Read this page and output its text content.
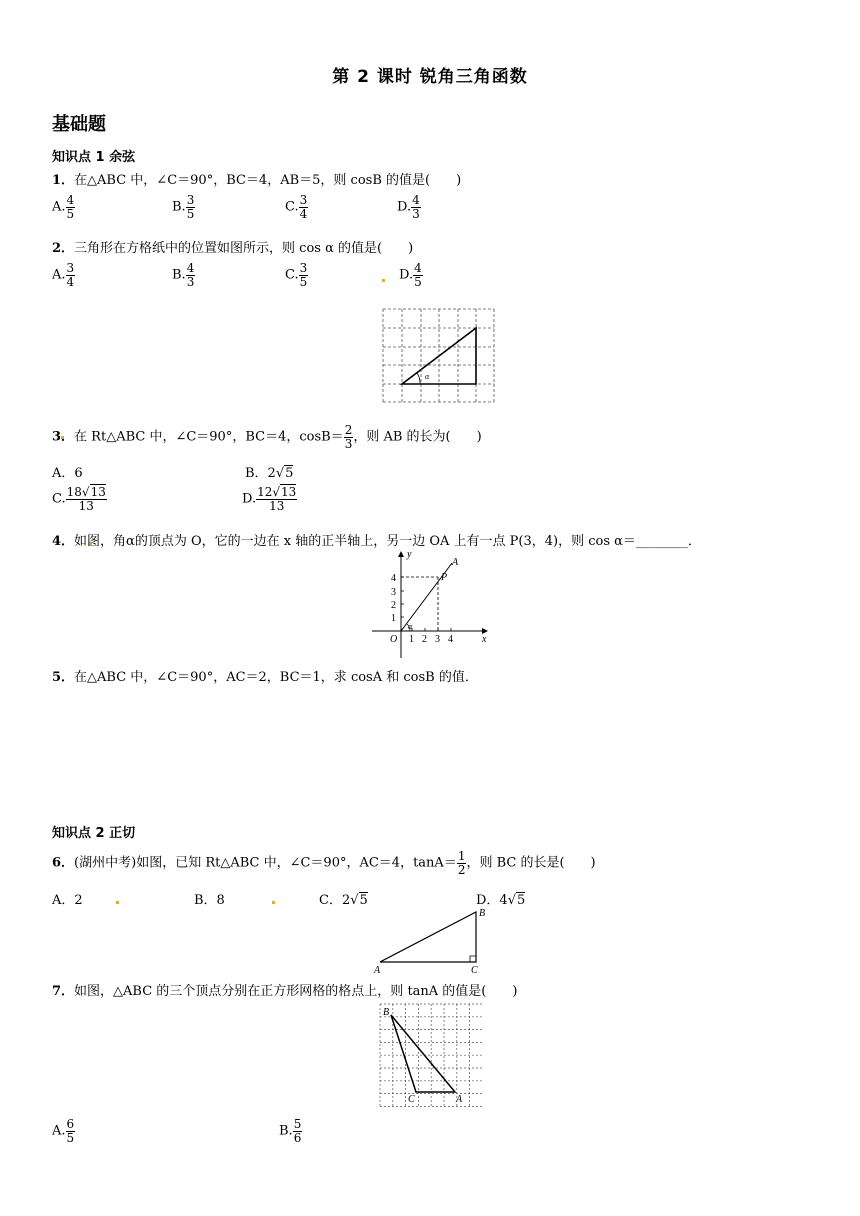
第 2 课时 锐角三角函数
基础题
知识点 1 余弦
1．在△ABC 中，∠C＝90°，BC＝4，AB＝5，则 cosB 的值是(　　)
A. $\frac{4}{5}$	B. $\frac{3}{5}$	C. $\frac{3}{4}$	D. $\frac{4}{3}$
2．三角形在方格纸中的位置如图所示，则 cos α 的值是(　　)
A. $\frac{3}{4}$	B. $\frac{4}{3}$	C. $\frac{3}{5}$	D. $\frac{4}{5}$
α
3．在 Rt△ABC 中，∠C＝90°，BC＝4，$\cos B= \frac{2}{3}$ ，则 AB 的长为(　　)
A．6	B．2√5
C. $\frac{18√13}{13}$	D. $\frac{12√13}{13}$
4．如图，角α的顶点为 O，它的一边在 x 轴的正半轴上，另一边 OA 上有一点 P(3，4)，则 cos α＝________．
y
x
O
A
P
α
1 2 3 4
1
2
3
4
5．在△ABC 中，∠C＝90°，AC＝2，BC＝1，求 cosA 和 cosB 的值．
知识点 2 正切
6．(湖州中考)如图，已知 Rt△ABC 中，∠C＝90°，AC＝4，$\tan A= \frac{1}{2}$ ，则 BC 的长是(　　)
A．2	B．8	C．2√5	D．4√5
A
B
C
7．如图，△ABC 的三个顶点分别在正方形网格的格点上，则 tanA 的值是(　　)
B
C	A
A. $\frac{6}{5}$	B. $\frac{5}{6}$
